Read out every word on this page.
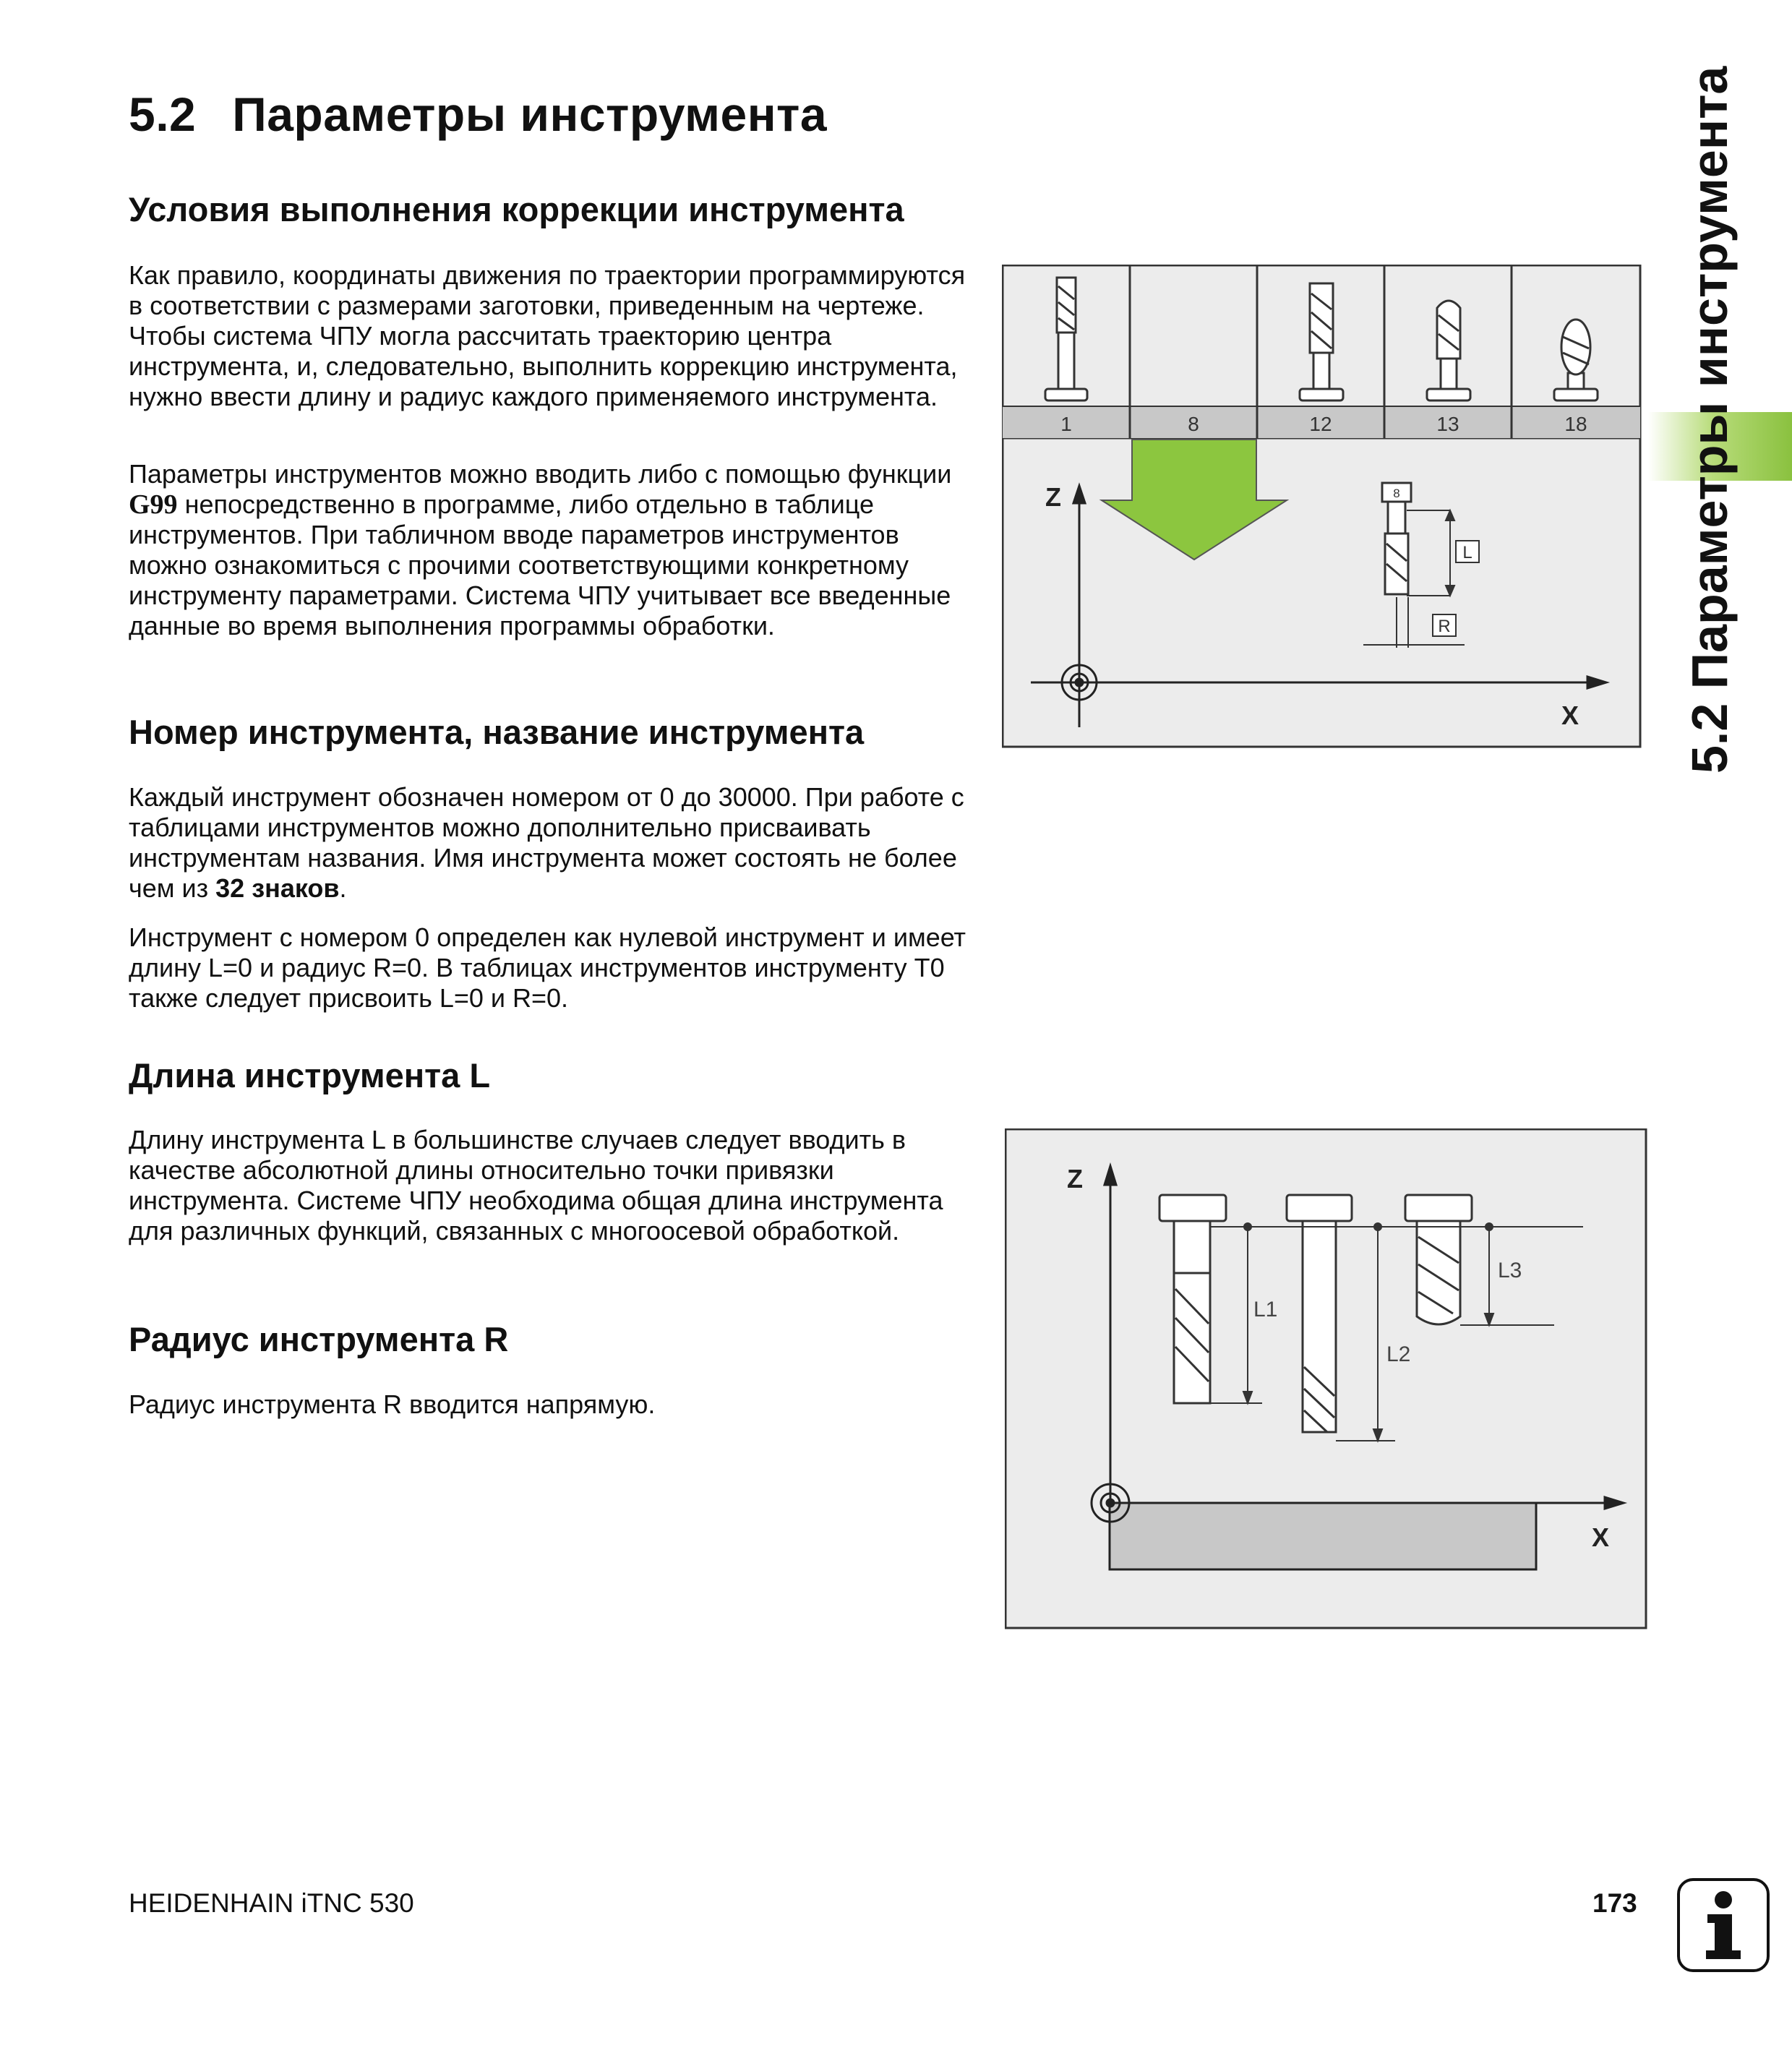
5.2 Параметры инструмента
Условия выполнения коррекции инструмента

Как правило, координаты движения по траектории программируются в соответствии с размерами заготовки, приведенным на чертеже. Чтобы система ЧПУ могла рассчитать траекторию центра инструмента, и, следовательно, выполнить коррекцию инструмента, нужно ввести длину и радиус каждого применяемого инструмента.

Параметры инструментов можно вводить либо с помощью функции G99 непосредственно в программе, либо отдельно в таблице инструментов. При табличном вводе параметров инструментов можно ознакомиться с прочими соответствующими конкретному инструменту параметрами. Система ЧПУ учитывает все введенные данные во время выполнения программы обработки.

Номер инструмента, название инструмента

Каждый инструмент обозначен номером от 0 до 30000. При работе с таблицами инструментов можно дополнительно присваивать инструментам названия. Имя инструмента может состоять не более чем из 32 знаков.

Инструмент с номером 0 определен как нулевой инструмент и имеет длину L=0 и радиус R=0. В таблицах инструментов инструменту T0 также следует присвоить L=0 и R=0.

Длина инструмента L

Длину инструмента L в большинстве случаев следует вводить в качестве абсолютной длины относительно точки привязки инструмента. Системе ЧПУ необходима общая длина инструмента для различных функций, связанных с многоосевой обработкой.

Радиус инструмента R

Радиус инструмента R вводится напрямую.

5.2 Параметры инструмента
1	8	12	13	18
Z
X
8
L
R
Z
X
L1
L2
L3
HEIDENHAIN iTNC 530	173
